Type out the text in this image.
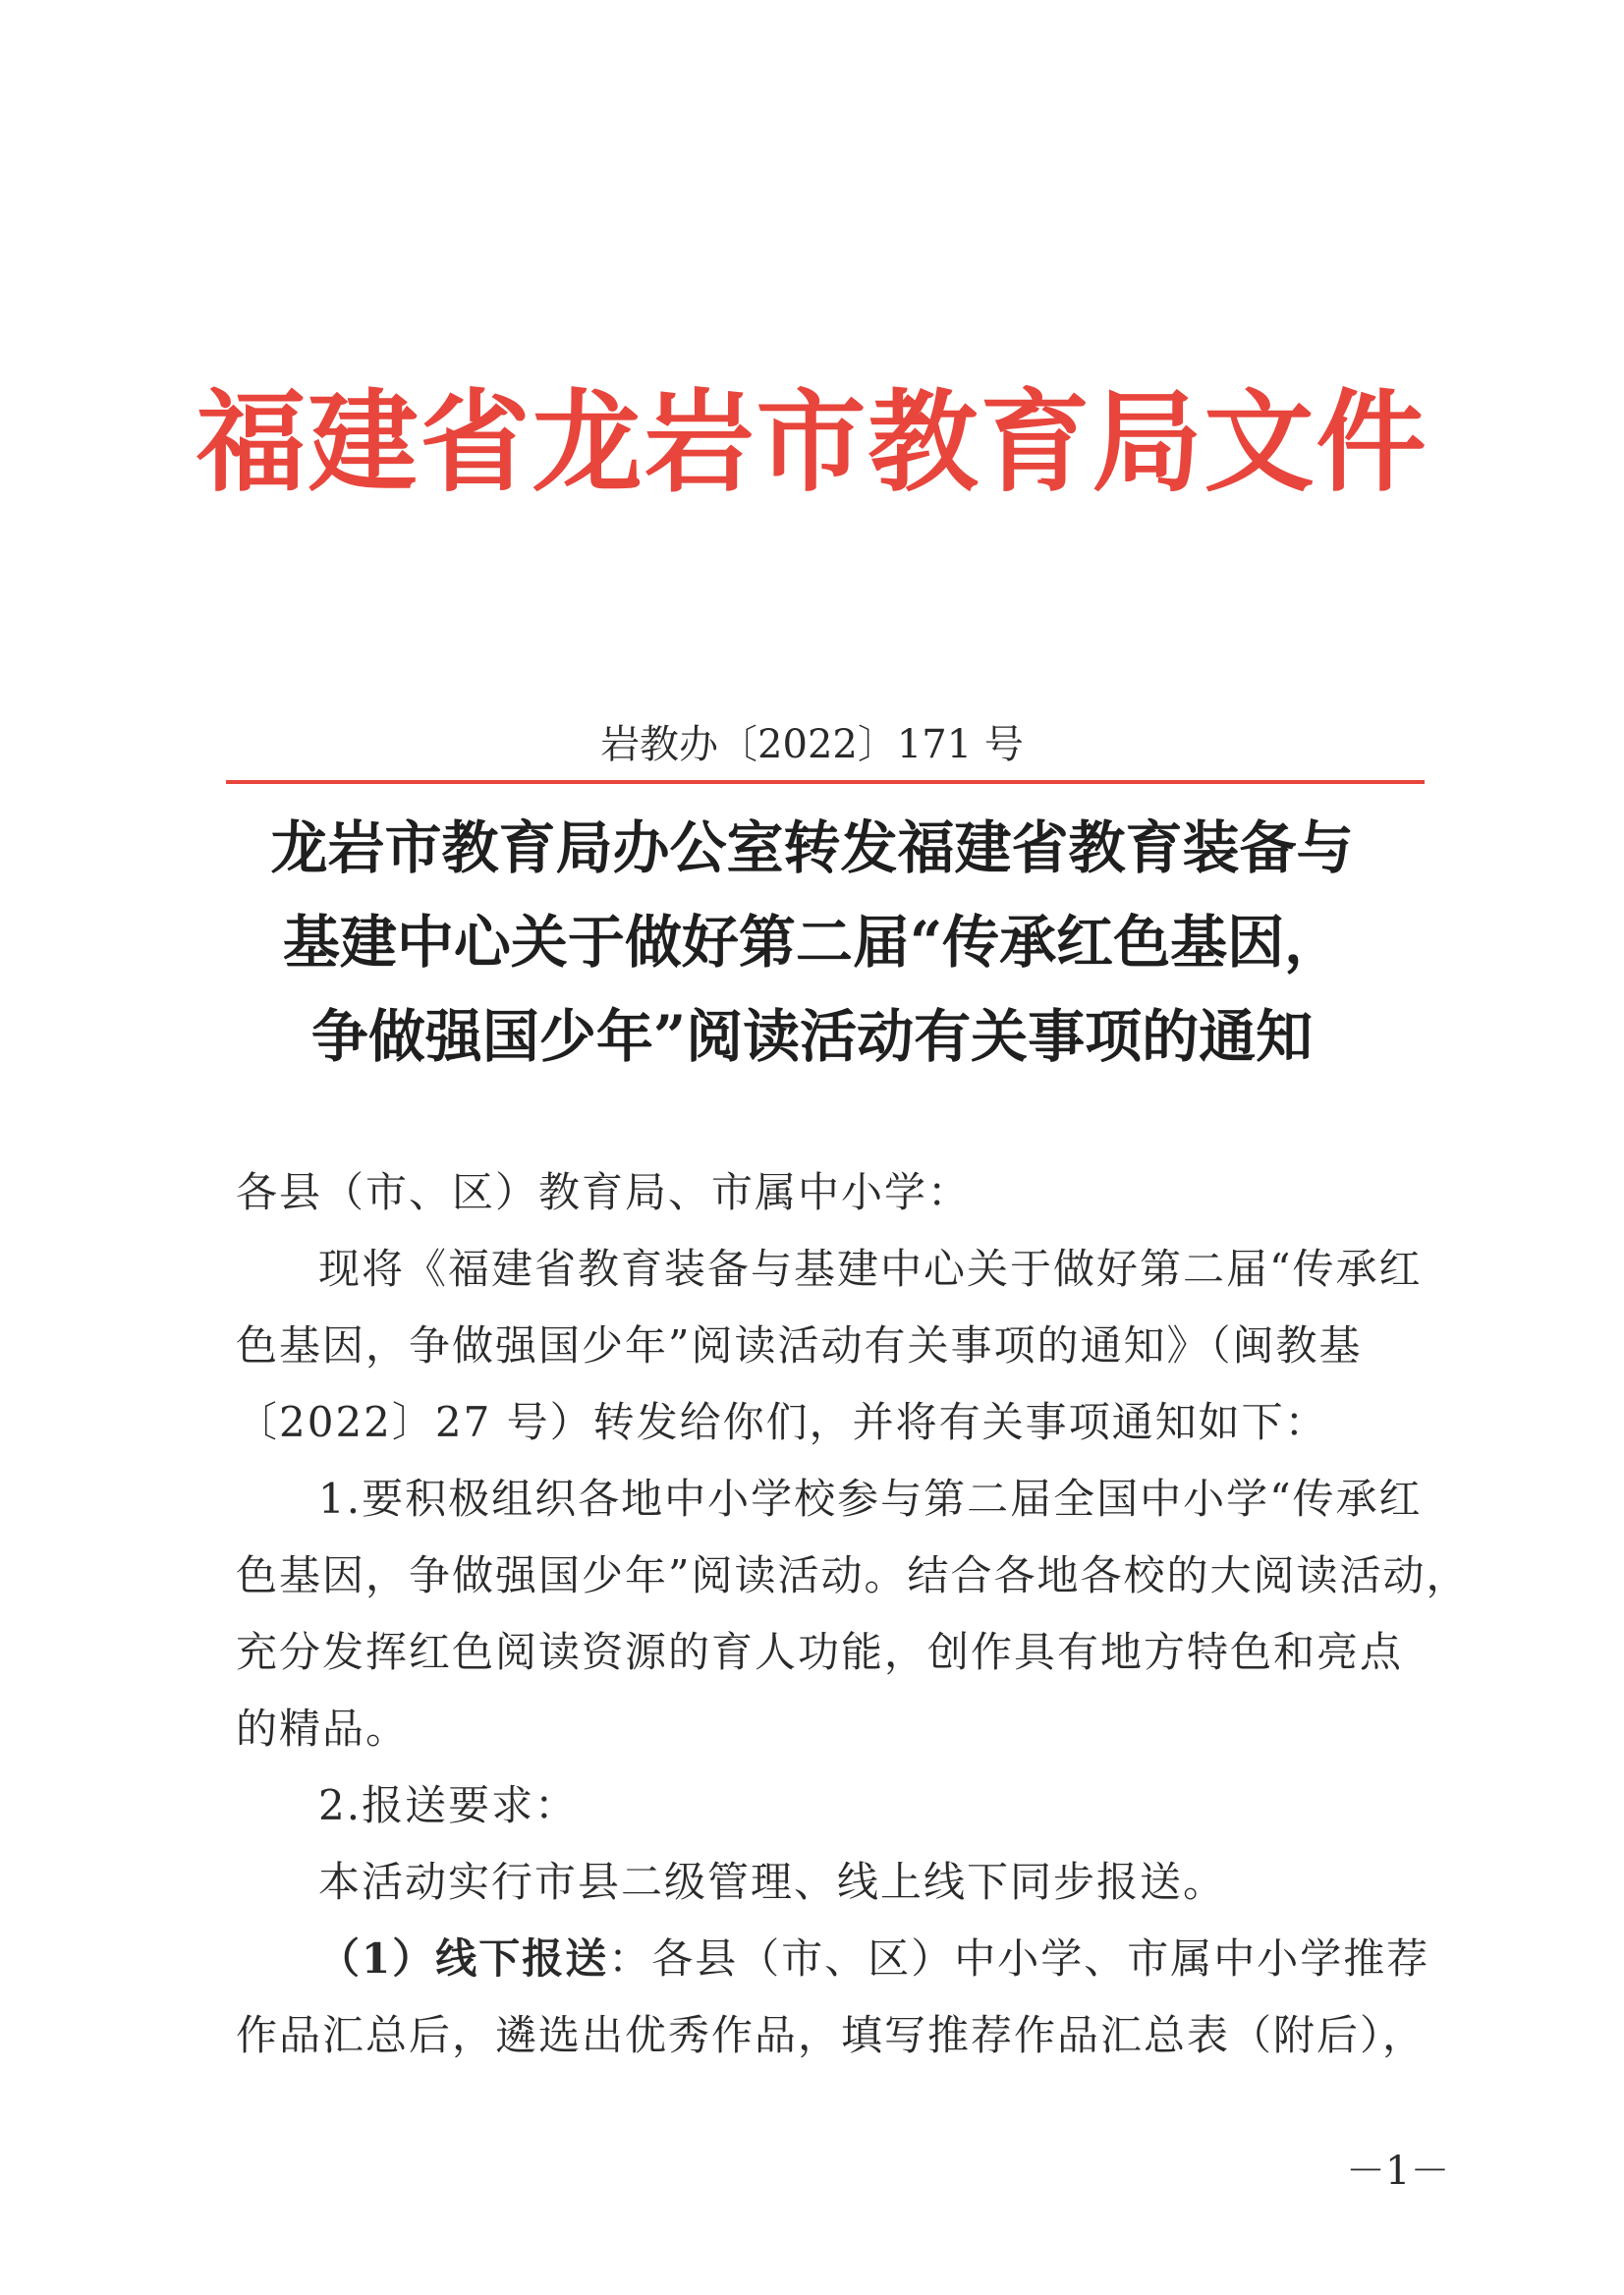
福建省龙岩市教育局文件
岩教办〔2022〕171 号
龙岩市教育局办公室转发福建省教育装备与
基建中心关于做好第二届“传承红色基因，
争做强国少年”阅读活动有关事项的通知
各县（市、区）教育局、市属中小学：
现将《福建省教育装备与基建中心关于做好第二届“传承红
色基因，争做强国少年”阅读活动有关事项的通知》（闽教基
〔2022〕27 号）转发给你们，并将有关事项通知如下：
1.要积极组织各地中小学校参与第二届全国中小学“传承红
色基因，争做强国少年”阅读活动。结合各地各校的大阅读活动，
充分发挥红色阅读资源的育人功能，创作具有地方特色和亮点
的精品。
2.报送要求：
本活动实行市县二级管理、线上线下同步报送。
（1）线下报送：各县（市、区）中小学、市属中小学推荐
作品汇总后，遴选出优秀作品，填写推荐作品汇总表（附后），
－1－
